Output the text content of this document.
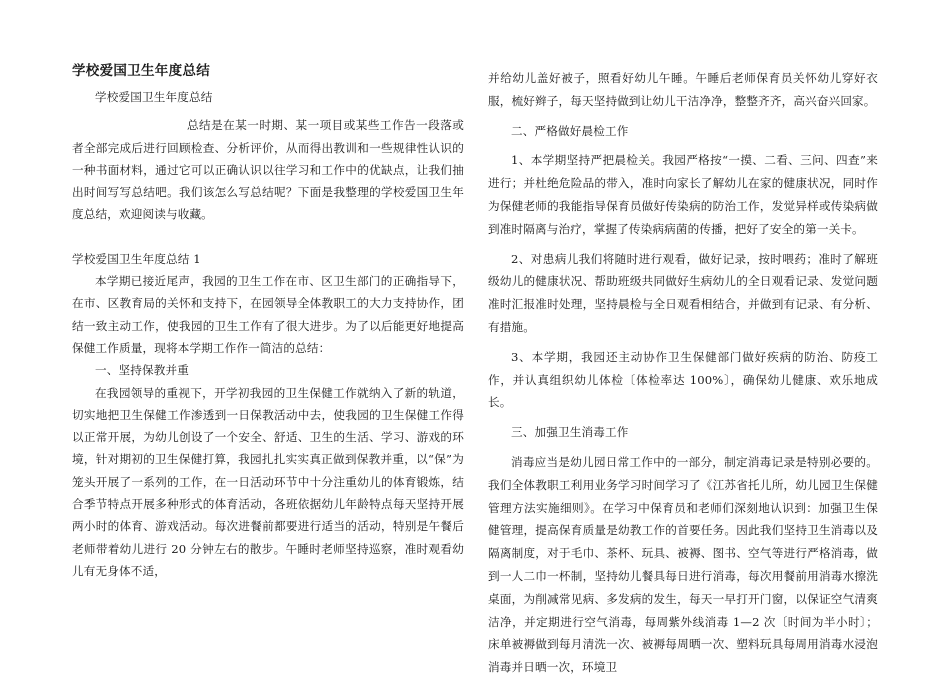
学校爱国卫生年度总结

学校爱国卫生年度总结

总结是在某一时期、某一项目或某些工作告一段落或者全部完成后进行回顾检查、分析评价，从而得出教训和一些规律性认识的一种书面材料，通过它可以正确认识以往学习和工作中的优缺点，让我们抽出时间写写总结吧。我们该怎么写总结呢？下面是我整理的学校爱国卫生年度总结，欢迎阅读与收藏。

学校爱国卫生年度总结 1

本学期已接近尾声，我园的卫生工作在市、区卫生部门的正确指导下，在市、区教育局的关怀和支持下，在园领导全体教职工的大力支持协作，团结一致主动工作，使我园的卫生工作有了很大进步。为了以后能更好地提高保健工作质量，现将本学期工作作一简洁的总结：

一、坚持保教并重

在我园领导的重视下，开学初我园的卫生保健工作就纳入了新的轨道，切实地把卫生保健工作渗透到一日保教活动中去，使我园的卫生保健工作得以正常开展，为幼儿创设了一个安全、舒适、卫生的生活、学习、游戏的环境，针对期初的卫生保健打算，我园扎扎实实真正做到保教并重，以“保”为笼头开展了一系列的工作，在一日活动环节中十分注重幼儿的体育锻炼，结合季节特点开展多种形式的体育活动，各班依据幼儿年龄特点每天坚持开展两小时的体育、游戏活动。每次进餐前都要进行适当的活动，特别是午餐后老师带着幼儿进行 20 分钟左右的散步。午睡时老师坚持巡察，准时观看幼儿有无身体不适，

并给幼儿盖好被子，照看好幼儿午睡。午睡后老师保育员关怀幼儿穿好衣服，梳好辫子，每天坚持做到让幼儿干洁净净，整整齐齐，高兴奋兴回家。

二、严格做好晨检工作

1、本学期坚持严把晨检关。我园严格按“一摸、二看、三问、四查”来进行；并杜绝危险品的带入，准时向家长了解幼儿在家的健康状况，同时作为保健老师的我能指导保育员做好传染病的防治工作，发觉异样或传染病做到准时隔离与治疗，掌握了传染病病菌的传播，把好了安全的第一关卡。

2、对患病儿我们将随时进行观看，做好记录，按时喂药；准时了解班级幼儿的健康状况、帮助班级共同做好生病幼儿的全日观看记录、发觉问题准时汇报准时处理，坚持晨检与全日观看相结合，并做到有记录、有分析、有措施。

3、本学期，我园还主动协作卫生保健部门做好疾病的防治、防疫工作，并认真组织幼儿体检〔体检率达 100%〕，确保幼儿健康、欢乐地成长。

三、加强卫生消毒工作

消毒应当是幼儿园日常工作中的一部分，制定消毒记录是特别必要的。我们全体教职工利用业务学习时间学习了《江苏省托儿所，幼儿园卫生保健管理方法实施细则》。在学习中保育员和老师们深刻地认识到：加强卫生保健管理，提高保育质量是幼教工作的首要任务。因此我们坚持卫生消毒以及隔离制度，对于毛巾、茶杯、玩具、被褥、图书、空气等进行严格消毒，做到一人二巾一杯制，坚持幼儿餐具每日进行消毒，每次用餐前用消毒水擦洗桌面，为削减常见病、多发病的发生，每天一早打开门窗，以保证空气清爽洁净，并定期进行空气消毒，每周紫外线消毒 1—2 次〔时间为半小时〕；床单被褥做到每月清洗一次、被褥每周晒一次、塑料玩具每周用消毒水浸泡消毒并日晒一次，环境卫
